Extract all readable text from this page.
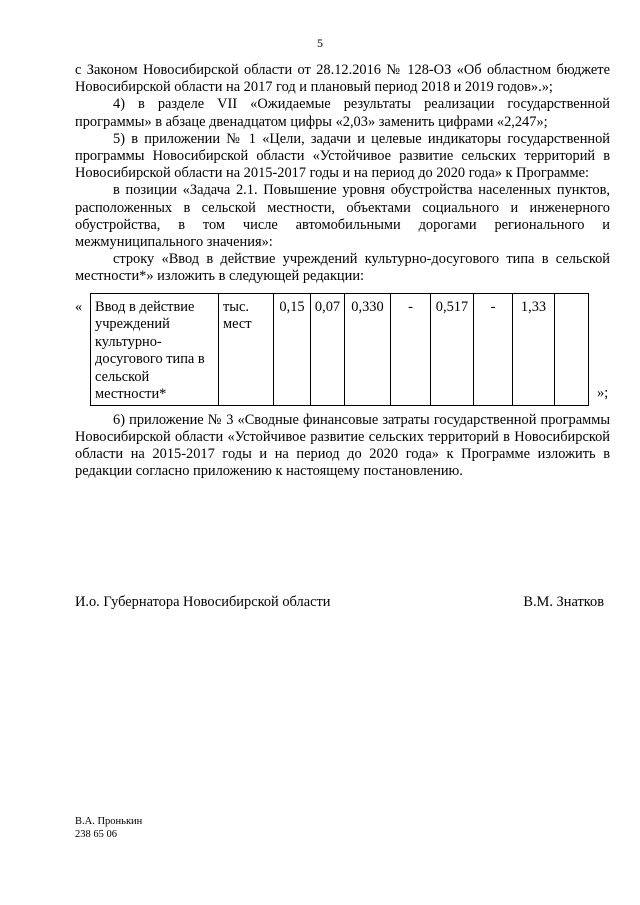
5

с Законом Новосибирской области от 28.12.2016 № 128-ОЗ «Об областном бюджете Новосибирской области на 2017 год и плановый период 2018 и 2019 годов».»;

4) в разделе VII «Ожидаемые результаты реализации государственной программы» в абзаце двенадцатом цифры «2,03» заменить цифрами «2,247»;

5) в приложении № 1 «Цели, задачи и целевые индикаторы государственной программы Новосибирской области «Устойчивое развитие сельских территорий в Новосибирской области на 2015-2017 годы и на период до 2020 года» к Программе:

в позиции «Задача 2.1. Повышение уровня обустройства населенных пунктов, расположенных в сельской местности, объектами социального и инженерного обустройства, в том числе автомобильными дорогами регионального и межмуниципального значения»:

строку «Ввод в действие учреждений культурно-досугового типа в сельской местности*» изложить в следующей редакции:

« Ввод в действие учреждений культурно-досугового типа в сельской местности*	тыс. мест	0,15	0,07	0,330	-	0,517	-	1,33	
»;

6) приложение № 3 «Сводные финансовые затраты государственной программы Новосибирской области «Устойчивое развитие сельских территорий в Новосибирской области на 2015-2017 годы и на период до 2020 года» к Программе изложить в редакции согласно приложению к настоящему постановлению.

И.о. Губернатора Новосибирской области	В.М. Знатков
В.А. Пронькин
238 65 06
